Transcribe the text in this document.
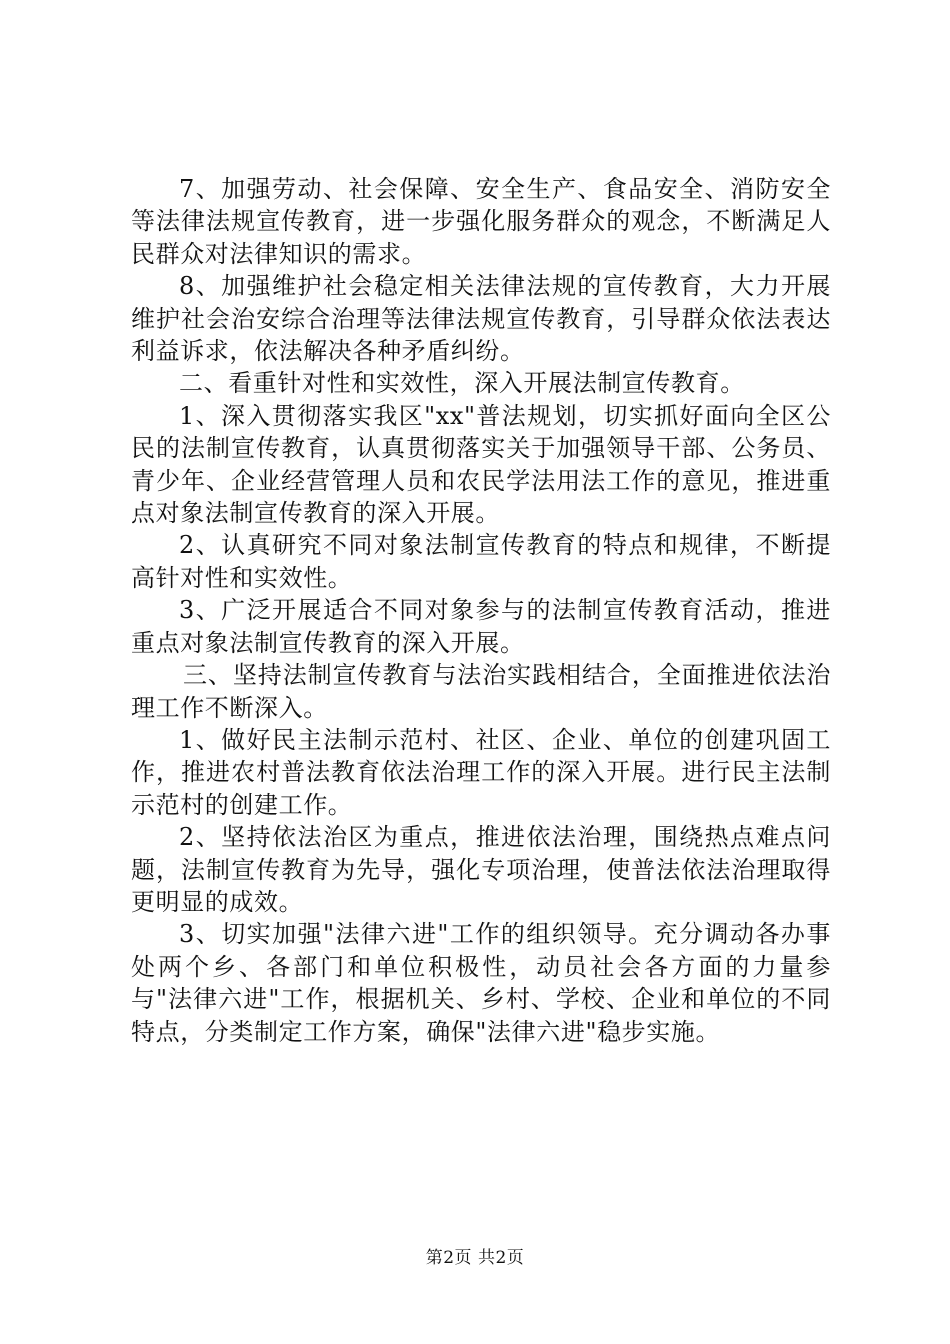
7、加强劳动、社会保障、安全生产、食品安全、消防安全等法律法规宣传教育，进一步强化服务群众的观念，不断满足人民群众对法律知识的需求。

8、加强维护社会稳定相关法律法规的宣传教育，大力开展维护社会治安综合治理等法律法规宣传教育，引导群众依法表达利益诉求，依法解决各种矛盾纠纷。

二、看重针对性和实效性，深入开展法制宣传教育。

1、深入贯彻落实我区"xx"普法规划，切实抓好面向全区公民的法制宣传教育，认真贯彻落实关于加强领导干部、公务员、青少年、企业经营管理人员和农民学法用法工作的意见，推进重点对象法制宣传教育的深入开展。

2、认真研究不同对象法制宣传教育的特点和规律，不断提高针对性和实效性。

3、广泛开展适合不同对象参与的法制宣传教育活动，推进重点对象法制宣传教育的深入开展。

三、坚持法制宣传教育与法治实践相结合，全面推进依法治理工作不断深入。

1、做好民主法制示范村、社区、企业、单位的创建巩固工作，推进农村普法教育依法治理工作的深入开展。进行民主法制示范村的创建工作。

2、坚持依法治区为重点，推进依法治理，围绕热点难点问题，法制宣传教育为先导，强化专项治理，使普法依法治理取得更明显的成效。

3、切实加强"法律六进"工作的组织领导。充分调动各办事处两个乡、各部门和单位积极性，动员社会各方面的力量参与"法律六进"工作，根据机关、乡村、学校、企业和单位的不同特点，分类制定工作方案，确保"法律六进"稳步实施。

第2页 共2页
